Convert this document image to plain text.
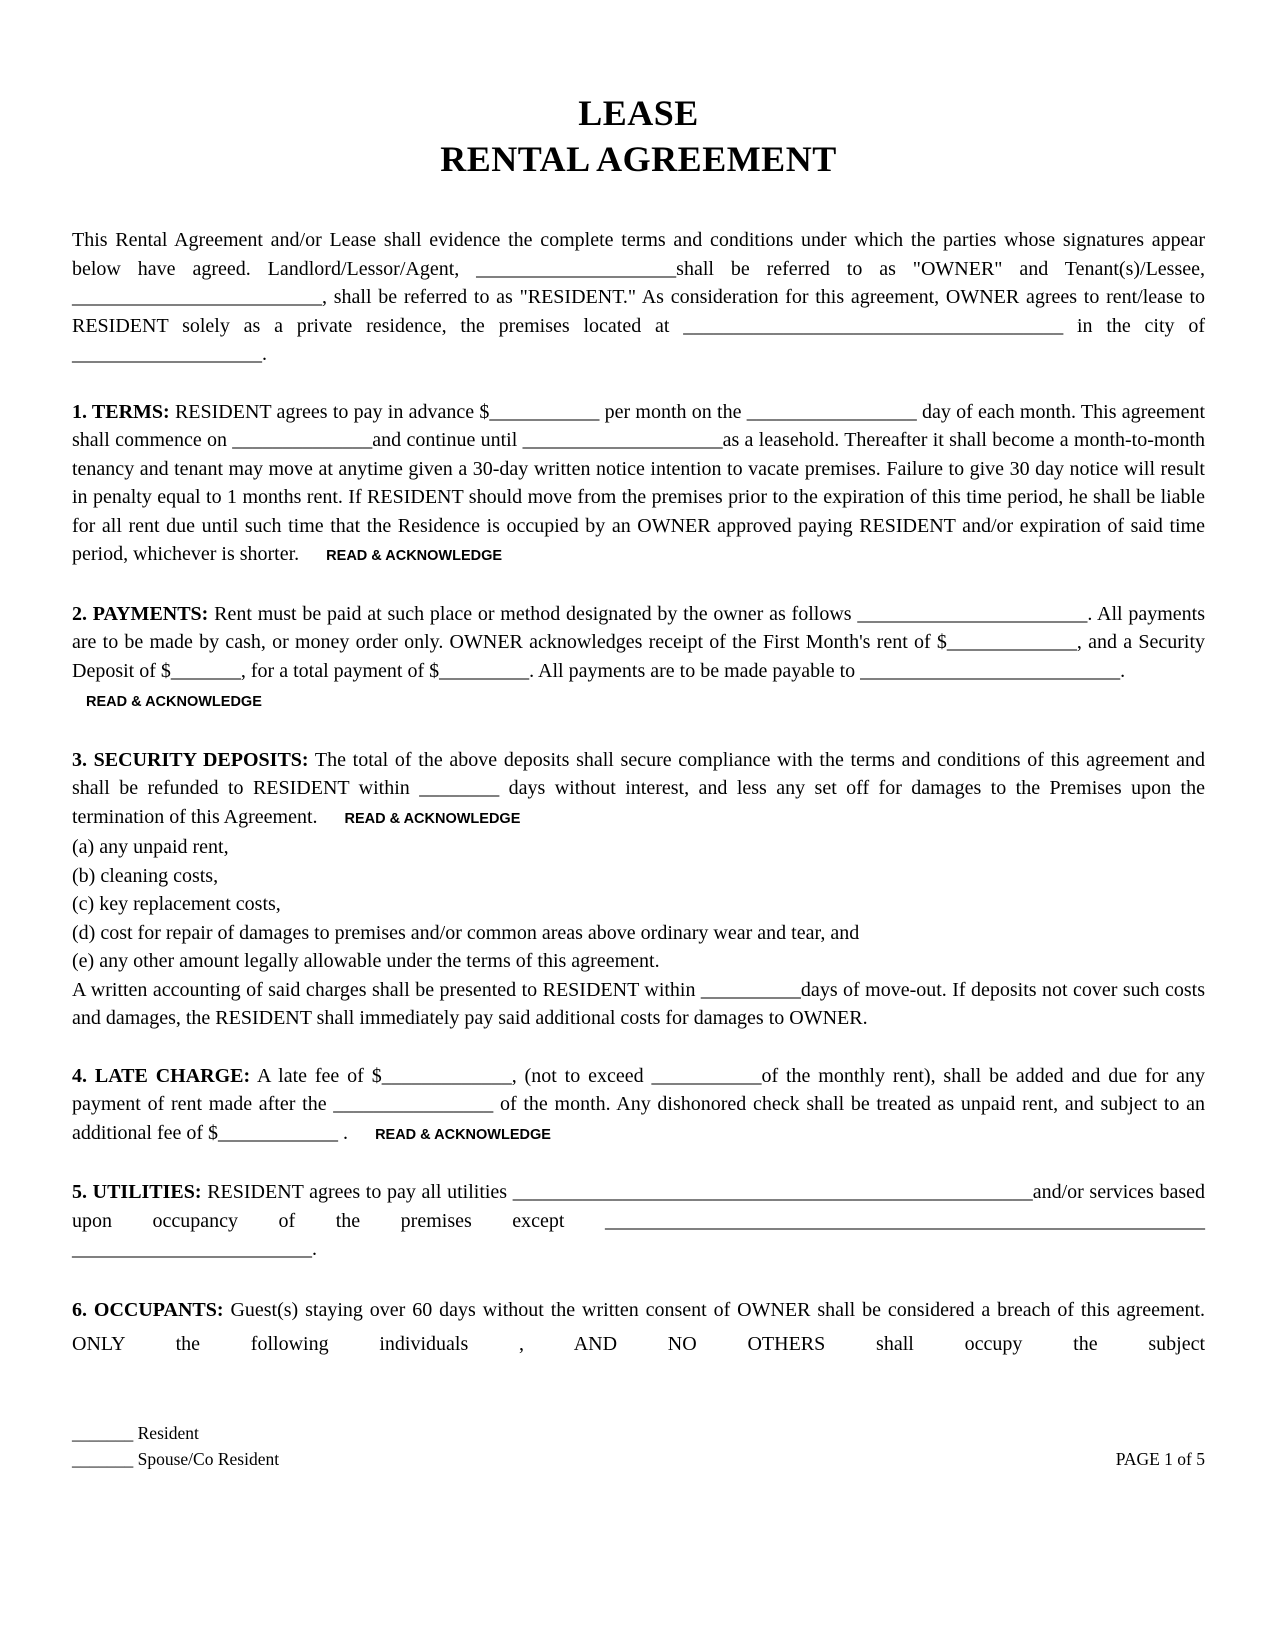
LEASE
RENTAL AGREEMENT

This Rental Agreement and/or Lease shall evidence the complete terms and conditions under which the parties whose signatures appear below have agreed. Landlord/Lessor/Agent, ____________________shall be referred to as "OWNER" and Tenant(s)/Lessee, _________________________, shall be referred to as "RESIDENT." As consideration for this agreement, OWNER agrees to rent/lease to RESIDENT solely as a private residence, the premises located at ______________________________________ in the city of ___________________.

1. TERMS: RESIDENT agrees to pay in advance $___________ per month on the _________________ day of each month. This agreement shall commence on ______________and continue until ____________________as a leasehold. Thereafter it shall become a month-to-month tenancy and tenant may move at anytime given a 30-day written notice intention to vacate premises. Failure to give 30 day notice will result in penalty equal to 1 months rent. If RESIDENT should move from the premises prior to the expiration of this time period, he shall be liable for all rent due until such time that the Residence is occupied by an OWNER approved paying RESIDENT and/or expiration of said time period, whichever is shorter. READ & ACKNOWLEDGE

2. PAYMENTS: Rent must be paid at such place or method designated by the owner as follows _______________________. All payments are to be made by cash, or money order only. OWNER acknowledges receipt of the First Month's rent of $_____________, and a Security Deposit of $_______, for a total payment of $_________. All payments are to be made payable to __________________________.

READ & ACKNOWLEDGE

3. SECURITY DEPOSITS: The total of the above deposits shall secure compliance with the terms and conditions of this agreement and shall be refunded to RESIDENT within ________ days without interest, and less any set off for damages to the Premises upon the termination of this Agreement. READ & ACKNOWLEDGE

(a) any unpaid rent,
(b) cleaning costs,
(c) key replacement costs,
(d) cost for repair of damages to premises and/or common areas above ordinary wear and tear, and
(e) any other amount legally allowable under the terms of this agreement.

A written accounting of said charges shall be presented to RESIDENT within __________days of move-out. If deposits not cover such costs and damages, the RESIDENT shall immediately pay said additional costs for damages to OWNER.

4. LATE CHARGE: A late fee of $_____________, (not to exceed ___________of the monthly rent), shall be added and due for any payment of rent made after the ________________ of the month. Any dishonored check shall be treated as unpaid rent, and subject to an additional fee of $____________ . READ & ACKNOWLEDGE

5. UTILITIES: RESIDENT agrees to pay all utilities ____________________________________________________and/or services based upon occupancy of the premises except ____________________________________________________________ ________________________.

6. OCCUPANTS: Guest(s) staying over 60 days without the written consent of OWNER shall be considered a breach of this agreement. ONLY the following individuals , AND NO OTHERS shall occupy the subject

_______ Resident
_______ Spouse/Co Resident	PAGE 1 of 5
